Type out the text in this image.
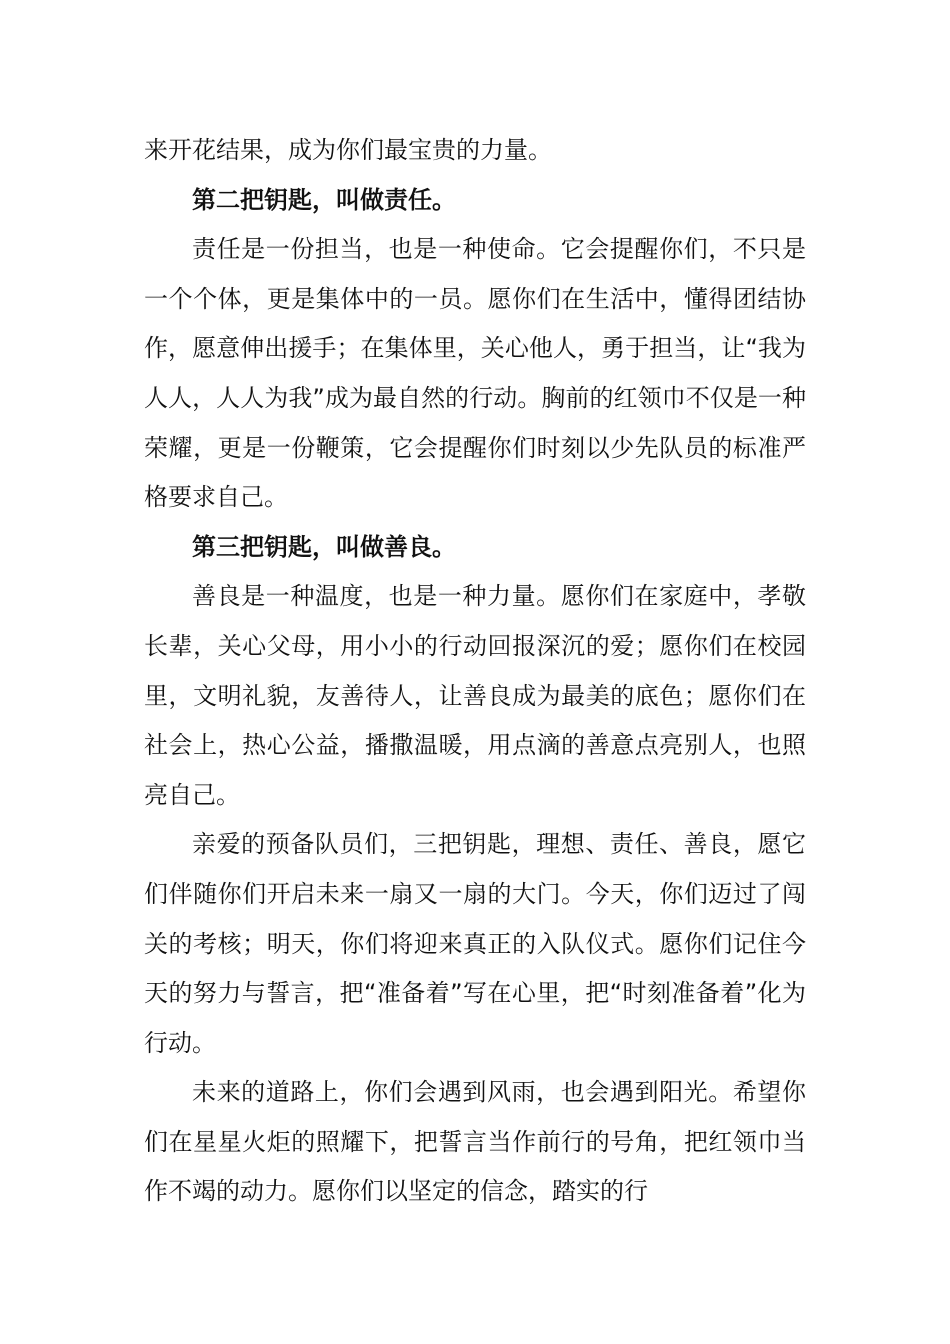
来开花结果，成为你们最宝贵的力量。

第二把钥匙，叫做责任。

责任是一份担当，也是一种使命。它会提醒你们，不只是一个个体，更是集体中的一员。愿你们在生活中，懂得团结协作，愿意伸出援手；在集体里，关心他人，勇于担当，让“我为人人，人人为我”成为最自然的行动。胸前的红领巾不仅是一种荣耀，更是一份鞭策，它会提醒你们时刻以少先队员的标准严格要求自己。

第三把钥匙，叫做善良。

善良是一种温度，也是一种力量。愿你们在家庭中，孝敬长辈，关心父母，用小小的行动回报深沉的爱；愿你们在校园里，文明礼貌，友善待人，让善良成为最美的底色；愿你们在社会上，热心公益，播撒温暖，用点滴的善意点亮别人，也照亮自己。

亲爱的预备队员们，三把钥匙，理想、责任、善良，愿它们伴随你们开启未来一扇又一扇的大门。今天，你们迈过了闯关的考核；明天，你们将迎来真正的入队仪式。愿你们记住今天的努力与誓言，把“准备着”写在心里，把“时刻准备着”化为行动。

未来的道路上，你们会遇到风雨，也会遇到阳光。希望你们在星星火炬的照耀下，把誓言当作前行的号角，把红领巾当作不竭的动力。愿你们以坚定的信念，踏实的行
